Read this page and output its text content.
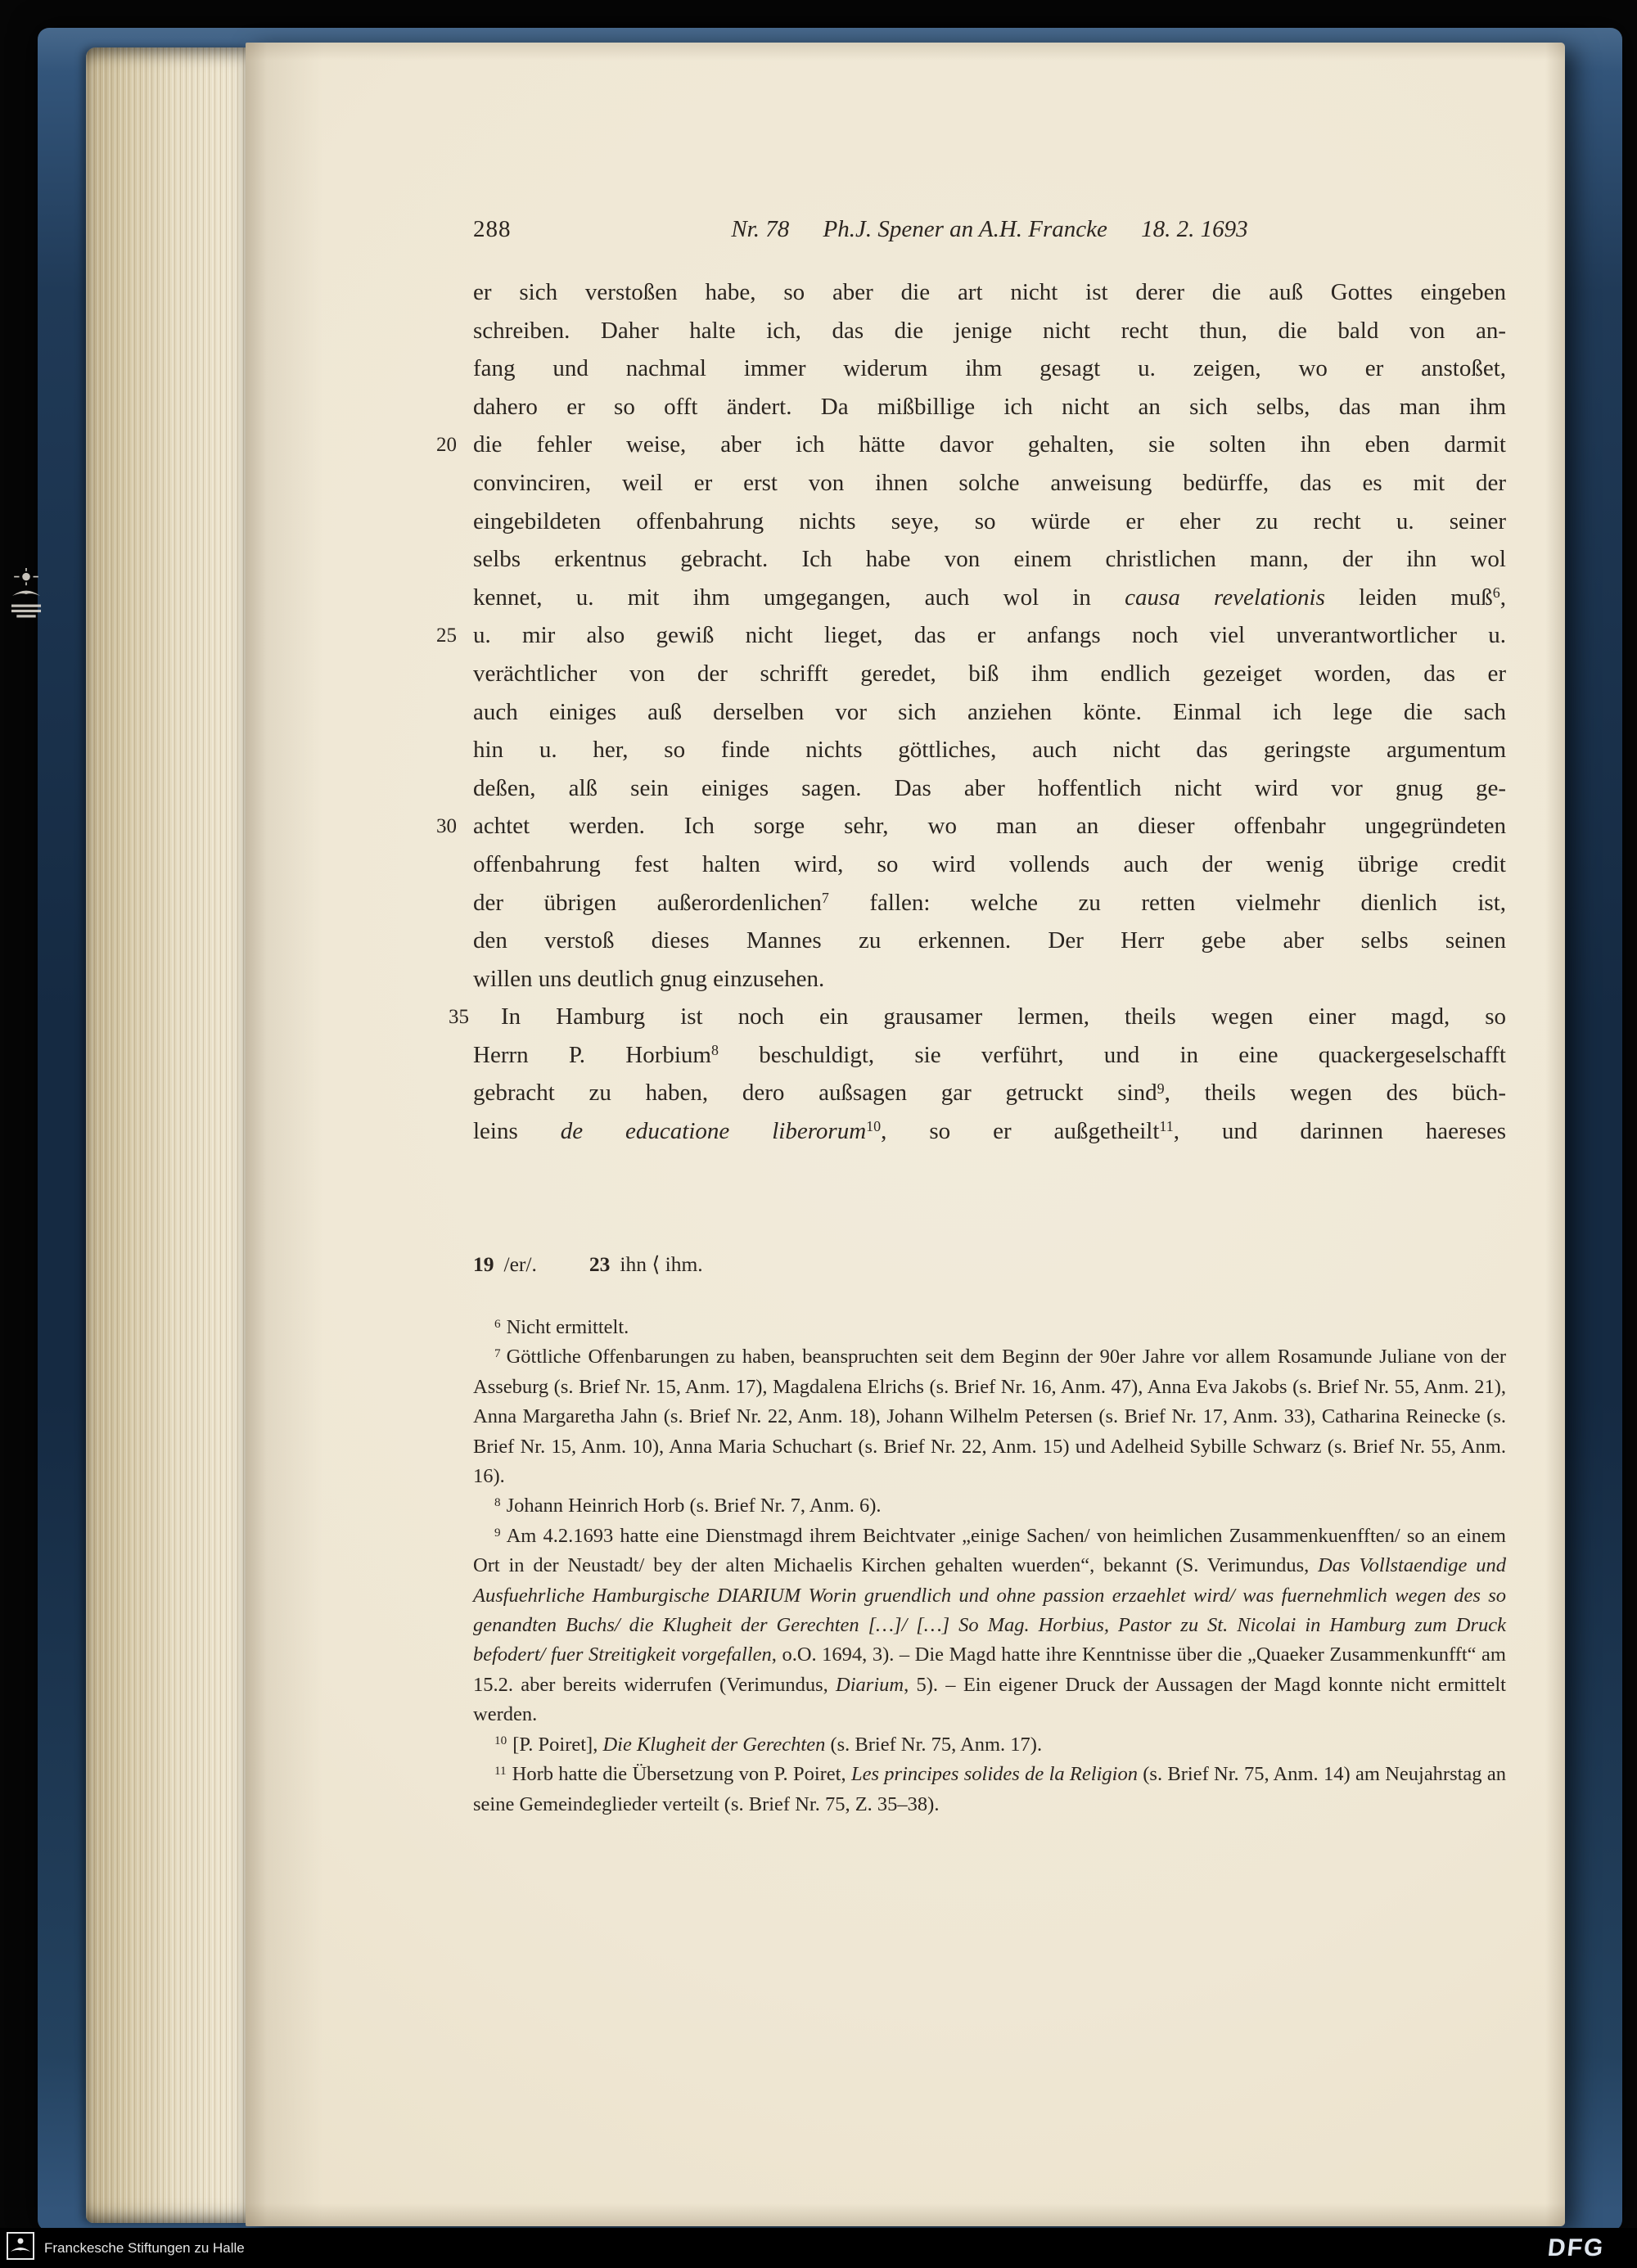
288	Nr. 78 Ph.J. Spener an A.H. Francke 18. 2. 1693
er sich verstoßen habe, so aber die art nicht ist derer die auß Gottes eingeben
schreiben. Daher halte ich, das die jenige nicht recht thun, die bald von an-
fang und nachmal immer widerum ihm gesagt u. zeigen, wo er anstoßet,
dahero er so offt ändert. Da mißbillige ich nicht an sich selbs, das man ihm
20 die fehler weise, aber ich hätte davor gehalten, sie solten ihn eben darmit
convinciren, weil er erst von ihnen solche anweisung bedürffe, das es mit der
eingebildeten offenbahrung nichts seye, so würde er eher zu recht u. seiner
selbs erkentnus gebracht. Ich habe von einem christlichen mann, der ihn wol
kennet, u. mit ihm umgegangen, auch wol in causa revelationis leiden muß$^6$,
25 u. mir also gewiß nicht lieget, das er anfangs noch viel unverantwortlicher u.
verächtlicher von der schrifft geredet, biß ihm endlich gezeiget worden, das er
auch einiges auß derselben vor sich anziehen könte. Einmal ich lege die sach
hin u. her, so finde nichts göttliches, auch nicht das geringste argumentum
deßen, alß sein einiges sagen. Das aber hoffentlich nicht wird vor gnug ge-
30 achtet werden. Ich sorge sehr, wo man an dieser offenbahr ungegründeten
offenbahrung fest halten wird, so wird vollends auch der wenig übrige credit
der übrigen außerordenlichen$^7$ fallen: welche zu retten vielmehr dienlich ist,
den verstoß dieses Mannes zu erkennen. Der Herr gebe aber selbs seinen
willen uns deutlich gnug einzusehen.
35 In Hamburg ist noch ein grausamer lermen, theils wegen einer magd, so
Herrn P. Horbium$^8$ beschuldigt, sie verführt, und in eine quackergeselschafft
gebracht zu haben, dero außsagen gar getruckt sind$^9$, theils wegen des büch-
leins de educatione liberorum$^{10}$, so er außgetheilt$^{11}$, und darinnen haereses
19 /er/.	23 ihn ⟨ ihm.

$^6$ Nicht ermittelt.

$^7$ Göttliche Offenbarungen zu haben, beanspruchten seit dem Beginn der 90er Jahre vor allem Rosamunde Juliane von der Asseburg (s. Brief Nr. 15, Anm. 17), Magdalena Elrichs (s. Brief Nr. 16, Anm. 47), Anna Eva Jakobs (s. Brief Nr. 55, Anm. 21), Anna Margaretha Jahn (s. Brief Nr. 22, Anm. 18), Johann Wilhelm Petersen (s. Brief Nr. 17, Anm. 33), Catharina Reinecke (s. Brief Nr. 15, Anm. 10), Anna Maria Schuchart (s. Brief Nr. 22, Anm. 15) und Adelheid Sybille Schwarz (s. Brief Nr. 55, Anm. 16).

$^8$ Johann Heinrich Horb (s. Brief Nr. 7, Anm. 6).

$^9$ Am 4.2.1693 hatte eine Dienstmagd ihrem Beichtvater „einige Sachen/ von heimlichen Zusammenkuenfften/ so an einem Ort in der Neustadt/ bey der alten Michaelis Kirchen gehalten wuerden“, bekannt (S. Verimundus, Das Vollstaendige und Ausfuehrliche Hamburgische DIARIUM Worin gruendlich und ohne passion erzaehlet wird/ was fuernehmlich wegen des so genandten Buchs/ die Klugheit der Gerechten […]/ […] So Mag. Horbius, Pastor zu St. Nicolai in Hamburg zum Druck befodert/ fuer Streitigkeit vorgefallen, o.O. 1694, 3). – Die Magd hatte ihre Kenntnisse über die „Quaeker Zusammenkunfft“ am 15.2. aber bereits widerrufen (Verimundus, Diarium, 5). – Ein eigener Druck der Aussagen der Magd konnte nicht ermittelt werden.

$^{10}$ [P. Poiret], Die Klugheit der Gerechten (s. Brief Nr. 75, Anm. 17).

$^{11}$ Horb hatte die Übersetzung von P. Poiret, Les principes solides de la Religion (s. Brief Nr. 75, Anm. 14) am Neujahrstag an seine Gemeindeglieder verteilt (s. Brief Nr. 75, Z. 35–38).

Franckesche Stiftungen zu Halle	DFG
